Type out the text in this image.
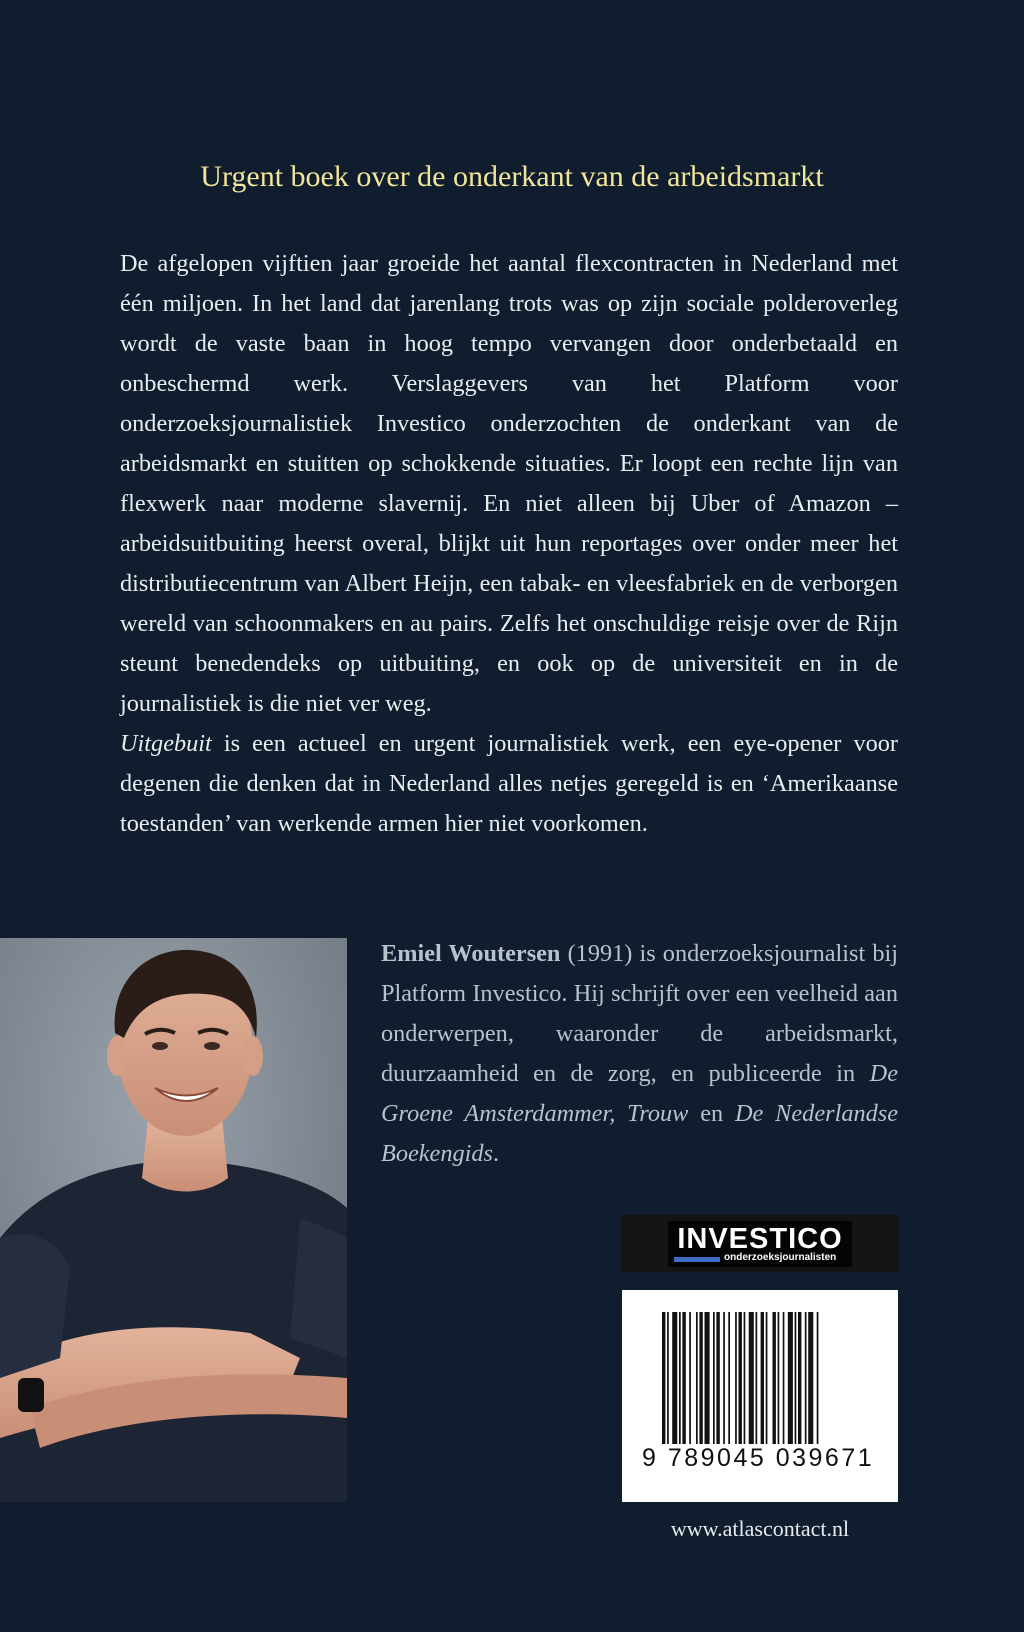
Urgent boek over de onderkant van de arbeidsmarkt

De afgelopen vijftien jaar groeide het aantal flexcontracten in Nederland met één miljoen. In het land dat jarenlang trots was op zijn sociale polderoverleg wordt de vaste baan in hoog tempo vervangen door onderbetaald en onbeschermd werk. Verslaggevers van het Platform voor onderzoeksjournalistiek Investico onderzochten de onderkant van de arbeidsmarkt en stuitten op schokkende situaties. Er loopt een rechte lijn van flexwerk naar moderne slavernij. En niet alleen bij Uber of Amazon – arbeidsuitbuiting heerst overal, blijkt uit hun reportages over onder meer het distributiecentrum van Albert Heijn, een tabak- en vleesfabriek en de verborgen wereld van schoonmakers en au pairs. Zelfs het onschuldige reisje over de Rijn steunt benedendeks op uitbuiting, en ook op de universiteit en in de journalistiek is die niet ver weg.

Uitgebuit is een actueel en urgent journalistiek werk, een eye-opener voor degenen die denken dat in Nederland alles netjes geregeld is en ‘Amerikaanse toestanden’ van werkende armen hier niet voorkomen.

Emiel Woutersen (1991) is onderzoeksjournalist bij Platform Investico. Hij schrijft over een veelheid aan onderwerpen, waaronder de arbeidsmarkt, duurzaamheid en de zorg, en publiceerde in De Groene Amsterdammer, Trouw en De Nederlandse Boekengids.
INVESTICO
onderzoeksjournalisten
9 789045 039671
www.atlascontact.nl
